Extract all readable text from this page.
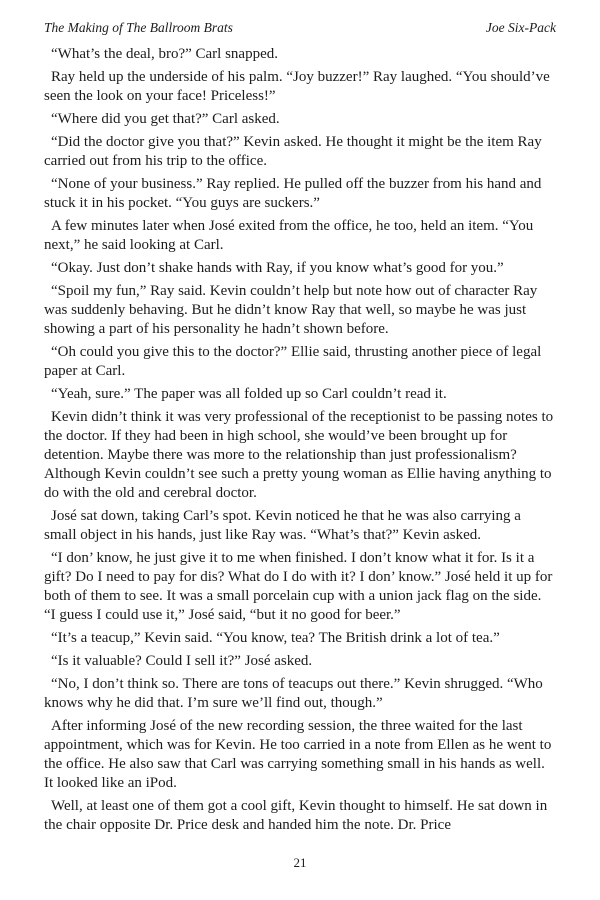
The Making of The Ballroom Brats	Joe Six-Pack

“What’s the deal, bro?” Carl snapped.

Ray held up the underside of his palm. “Joy buzzer!” Ray laughed. “You should’ve seen the look on your face! Priceless!”

“Where did you get that?” Carl asked.

“Did the doctor give you that?” Kevin asked. He thought it might be the item Ray carried out from his trip to the office.

“None of your business.” Ray replied. He pulled off the buzzer from his hand and stuck it in his pocket. “You guys are suckers.”

A few minutes later when José exited from the office, he too, held an item. “You next,” he said looking at Carl.

“Okay. Just don’t shake hands with Ray, if you know what’s good for you.”

“Spoil my fun,” Ray said. Kevin couldn’t help but note how out of character Ray was suddenly behaving. But he didn’t know Ray that well, so maybe he was just showing a part of his personality he hadn’t shown before.

“Oh could you give this to the doctor?” Ellie said, thrusting another piece of legal paper at Carl.

“Yeah, sure.” The paper was all folded up so Carl couldn’t read it.

Kevin didn’t think it was very professional of the receptionist to be passing notes to the doctor. If they had been in high school, she would’ve been brought up for detention. Maybe there was more to the relationship than just professionalism? Although Kevin couldn’t see such a pretty young woman as Ellie having anything to do with the old and cerebral doctor.

José sat down, taking Carl’s spot. Kevin noticed he that he was also carrying a small object in his hands, just like Ray was. “What’s that?” Kevin asked.

“I don’ know, he just give it to me when finished. I don’t know what it for. Is it a gift? Do I need to pay for dis? What do I do with it? I don’ know.” José held it up for both of them to see. It was a small porcelain cup with a union jack flag on the side. “I guess I could use it,” José said, “but it no good for beer.”

“It’s a teacup,” Kevin said. “You know, tea? The British drink a lot of tea.”

“Is it valuable? Could I sell it?” José asked.

“No, I don’t think so. There are tons of teacups out there.” Kevin shrugged. “Who knows why he did that. I’m sure we’ll find out, though.”

After informing José of the new recording session, the three waited for the last appointment, which was for Kevin. He too carried in a note from Ellen as he went to the office. He also saw that Carl was carrying something small in his hands as well. It looked like an iPod.

Well, at least one of them got a cool gift, Kevin thought to himself. He sat down in the chair opposite Dr. Price desk and handed him the note. Dr. Price

21
